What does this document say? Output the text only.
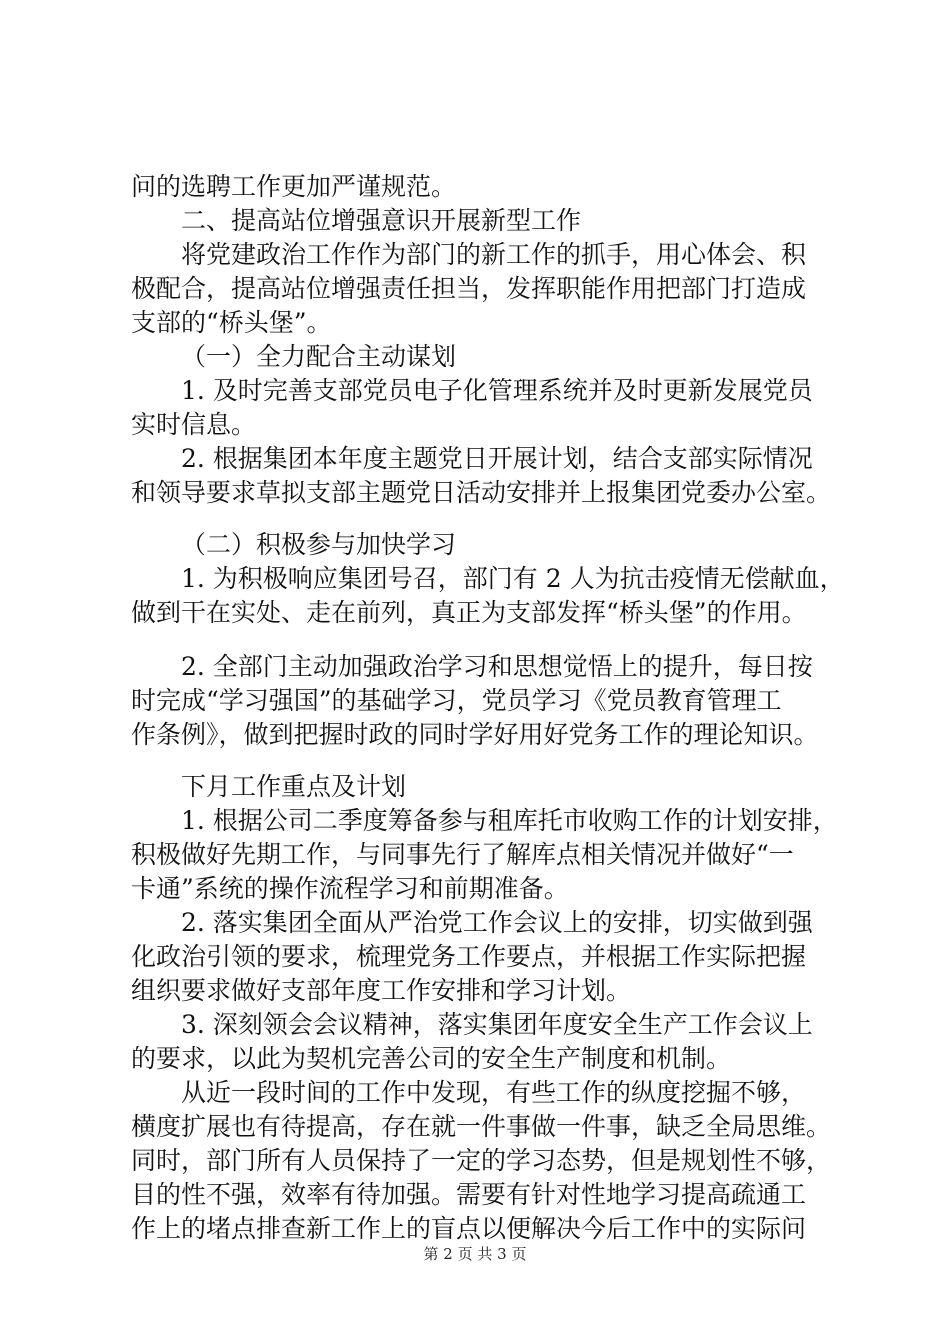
问的选聘工作更加严谨规范。
二、提高站位增强意识开展新型工作
将党建政治工作作为部门的新工作的抓手，用心体会、积
极配合，提高站位增强责任担当，发挥职能作用把部门打造成
支部的“桥头堡”。
（一）全力配合主动谋划
1. 及时完善支部党员电子化管理系统并及时更新发展党员
实时信息。
2. 根据集团本年度主题党日开展计划，结合支部实际情况
和领导要求草拟支部主题党日活动安排并上报集团党委办公室。
（二）积极参与加快学习
1. 为积极响应集团号召，部门有 2 人为抗击疫情无偿献血，
做到干在实处、走在前列，真正为支部发挥“桥头堡”的作用。
2. 全部门主动加强政治学习和思想觉悟上的提升，每日按
时完成“学习强国”的基础学习，党员学习《党员教育管理工
作条例》，做到把握时政的同时学好用好党务工作的理论知识。
下月工作重点及计划
1. 根据公司二季度筹备参与租库托市收购工作的计划安排，
积极做好先期工作，与同事先行了解库点相关情况并做好“一
卡通”系统的操作流程学习和前期准备。
2. 落实集团全面从严治党工作会议上的安排，切实做到强
化政治引领的要求，梳理党务工作要点，并根据工作实际把握
组织要求做好支部年度工作安排和学习计划。
3. 深刻领会会议精神，落实集团年度安全生产工作会议上
的要求，以此为契机完善公司的安全生产制度和机制。
从近一段时间的工作中发现，有些工作的纵度挖掘不够，
横度扩展也有待提高，存在就一件事做一件事，缺乏全局思维。
同时，部门所有人员保持了一定的学习态势，但是规划性不够，
目的性不强，效率有待加强。需要有针对性地学习提高疏通工
作上的堵点排查新工作上的盲点以便解决今后工作中的实际问
第 2 页 共 3 页
